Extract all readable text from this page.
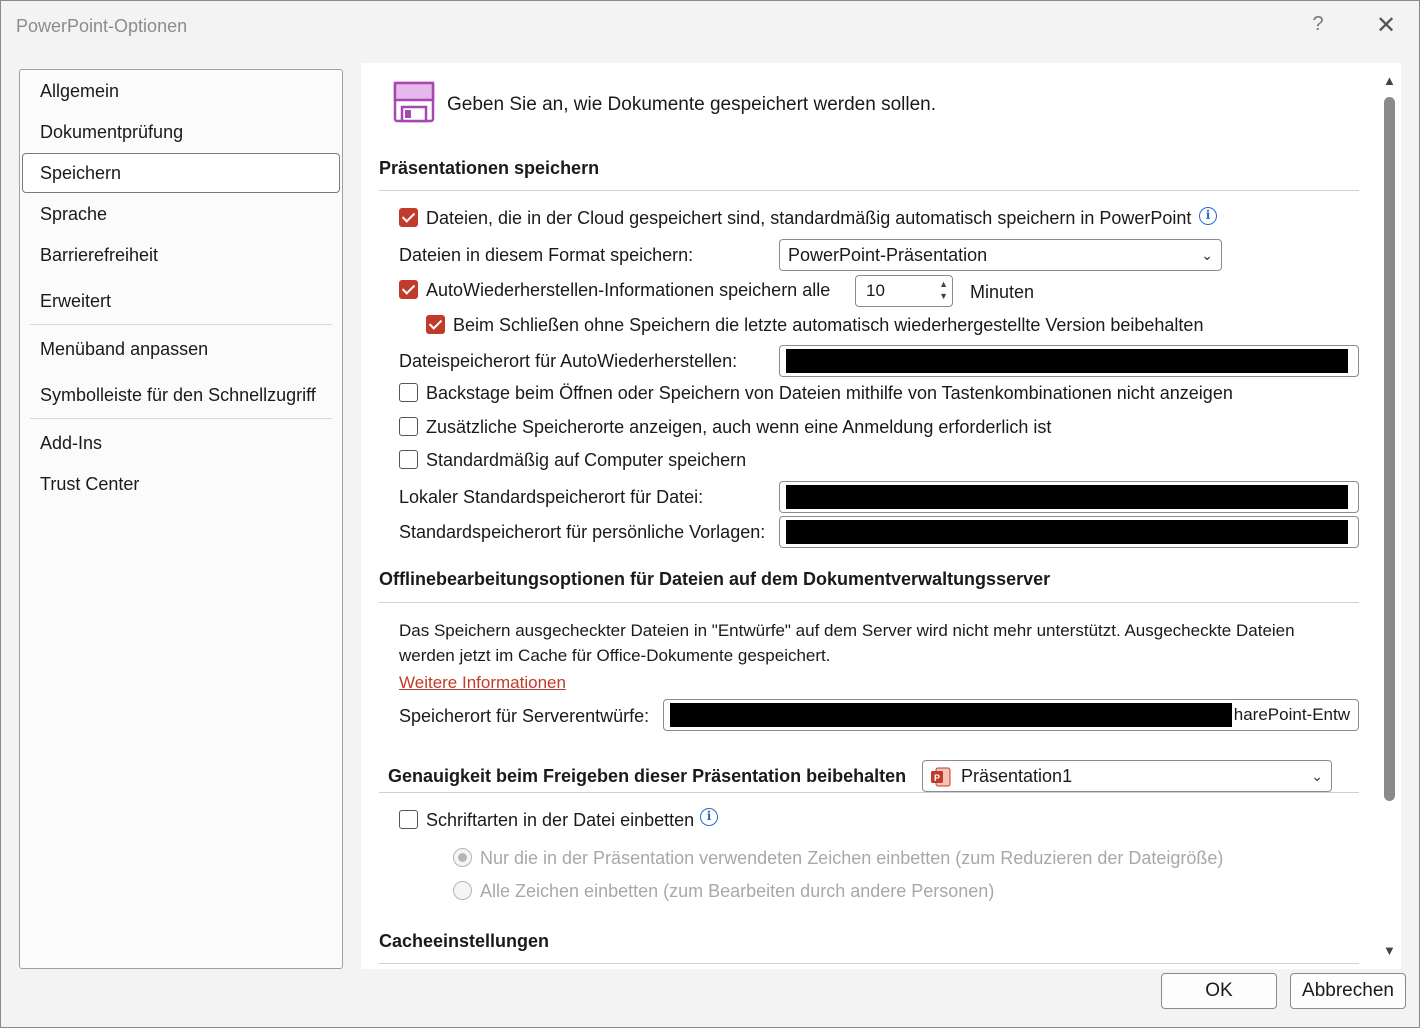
PowerPoint-Optionen	? ✕
Allgemein
Dokumentprüfung
Speichern
Sprache
Barrierefreiheit
Erweitert
Menüband anpassen
Symbolleiste für den Schnellzugriff
Add-Ins
Trust Center
Geben Sie an, wie Dokumente gespeichert werden sollen.
Präsentationen speichern
Dateien, die in der Cloud gespeichert sind, standardmäßig automatisch speichern in PowerPoint	i
Dateien in diesem Format speichern:	PowerPoint-Präsentation	⌄
AutoWiederherstellen-Informationen speichern alle	10	▲
▼ Minuten
Beim Schließen ohne Speichern die letzte automatisch wiederhergestellte Version beibehalten
Dateispeicherort für AutoWiederherstellen:
Backstage beim Öffnen oder Speichern von Dateien mithilfe von Tastenkombinationen nicht anzeigen
Zusätzliche Speicherorte anzeigen, auch wenn eine Anmeldung erforderlich ist
Standardmäßig auf Computer speichern
Lokaler Standardspeicherort für Datei:
Standardspeicherort für persönliche Vorlagen:
Offlinebearbeitungsoptionen für Dateien auf dem Dokumentverwaltungsserver
Das Speichern ausgecheckter Dateien in "Entwürfe" auf dem Server wird nicht mehr unterstützt. Ausgecheckte Dateien
werden jetzt im Cache für Office-Dokumente gespeichert.
Weitere Informationen
Speicherort für Serverentwürfe:	harePoint-Entw
Genauigkeit beim Freigeben dieser Präsentation beibehalten	P Präsentation1	⌄
Schriftarten in der Datei einbetten	i
Nur die in der Präsentation verwendeten Zeichen einbetten (zum Reduzieren der Dateigröße)
Alle Zeichen einbetten (zum Bearbeiten durch andere Personen)
Cacheeinstellungen
▲
▼
OK	Abbrechen
